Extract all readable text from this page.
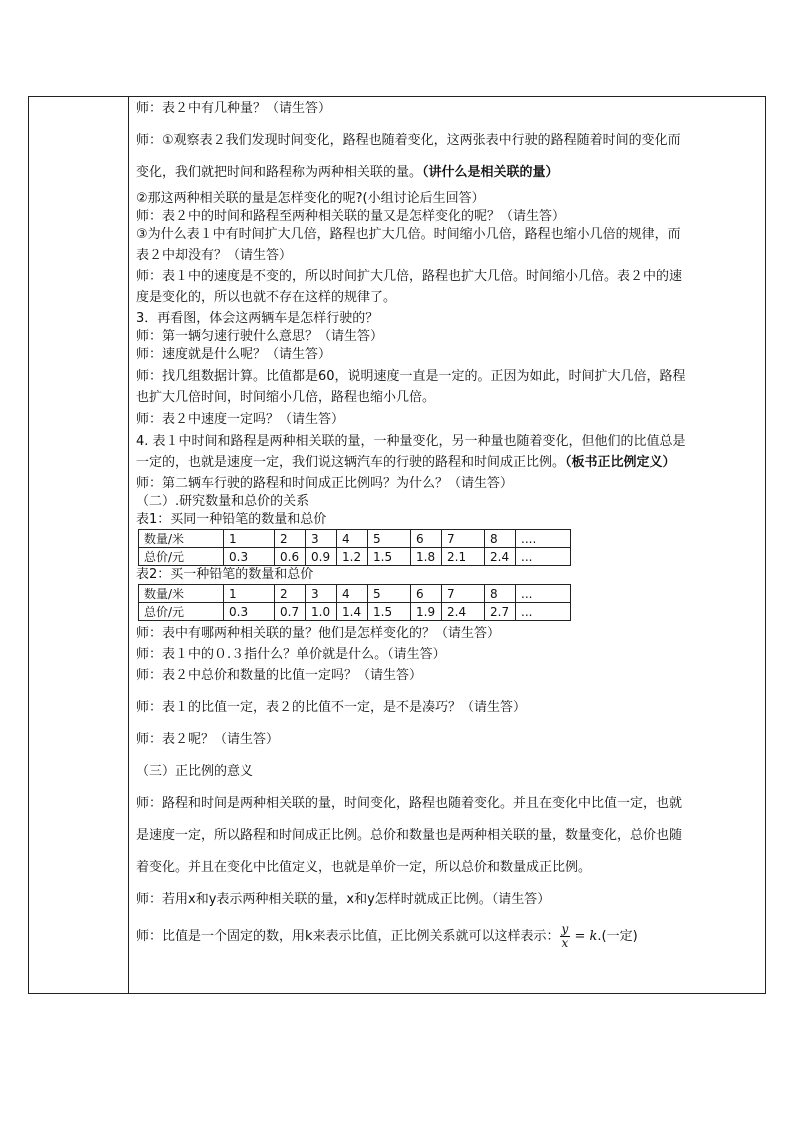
师：表２中有几种量？（请生答）
师：①观察表２我们发现时间变化，路程也随着变化，这两张表中行驶的路程随着时间的变化而
变化，我们就把时间和路程称为两种相关联的量。（讲什么是相关联的量）
②那这两种相关联的量是怎样变化的呢?(小组讨论后生回答）
师：表２中的时间和路程至两种相关联的量又是怎样变化的呢？（请生答）
③为什么表１中有时间扩大几倍，路程也扩大几倍。时间缩小几倍，路程也缩小几倍的规律，而
表２中却没有？（请生答）
师：表１中的速度是不变的，所以时间扩大几倍，路程也扩大几倍。时间缩小几倍。表２中的速
度是变化的，所以也就不存在这样的规律了。
3．再看图，体会这两辆车是怎样行驶的？
师：第一辆匀速行驶什么意思？（请生答）
师：速度就是什么呢？（请生答）
师：找几组数据计算。比值都是60，说明速度一直是一定的。正因为如此，时间扩大几倍，路程
也扩大几倍时间，时间缩小几倍，路程也缩小几倍。
师：表２中速度一定吗？（请生答）
4. 表１中时间和路程是两种相关联的量，一种量变化，另一种量也随着变化，但他们的比值总是
一定的，也就是速度一定，我们说这辆汽车的行驶的路程和时间成正比例。（板书正比例定义）
师：第二辆车行驶的路程和时间成正比例吗？为什么？（请生答）
（二）.研究数量和总价的关系
表1：买同一种铅笔的数量和总价
数量/米	1	2	3	4	5	6	7	8	....
总价/元	0.3	0.6	0.9	1.2	1.5	1.8	2.1	2.4	...
表2：买一种铅笔的数量和总价
数量/米	1	2	3	4	5	6	7	8	...
总价/元	0.3	0.7	1.0	1.4	1.5	1.9	2.4	2.7	...
师：表中有哪两种相关联的量？他们是怎样变化的？（请生答）
师：表１中的０.３指什么？单价就是什么。（请生答）
师：表２中总价和数量的比值一定吗？（请生答）
师：表１的比值一定，表２的比值不一定，是不是凑巧？（请生答）
师：表２呢？（请生答）
（三）正比例的意义
师：路程和时间是两种相关联的量，时间变化，路程也随着变化。并且在变化中比值一定，也就
是速度一定，所以路程和时间成正比例。总价和数量也是两种相关联的量，数量变化，总价也随
着变化。并且在变化中比值定义，也就是单价一定，所以总价和数量成正比例。
师：若用x和y表示两种相关联的量，x和y怎样时就成正比例。（请生答）
师：比值是一个固定的数，用k来表示比值，正比例关系就可以这样表示： $\frac{y}{x} = k$.(一定)
